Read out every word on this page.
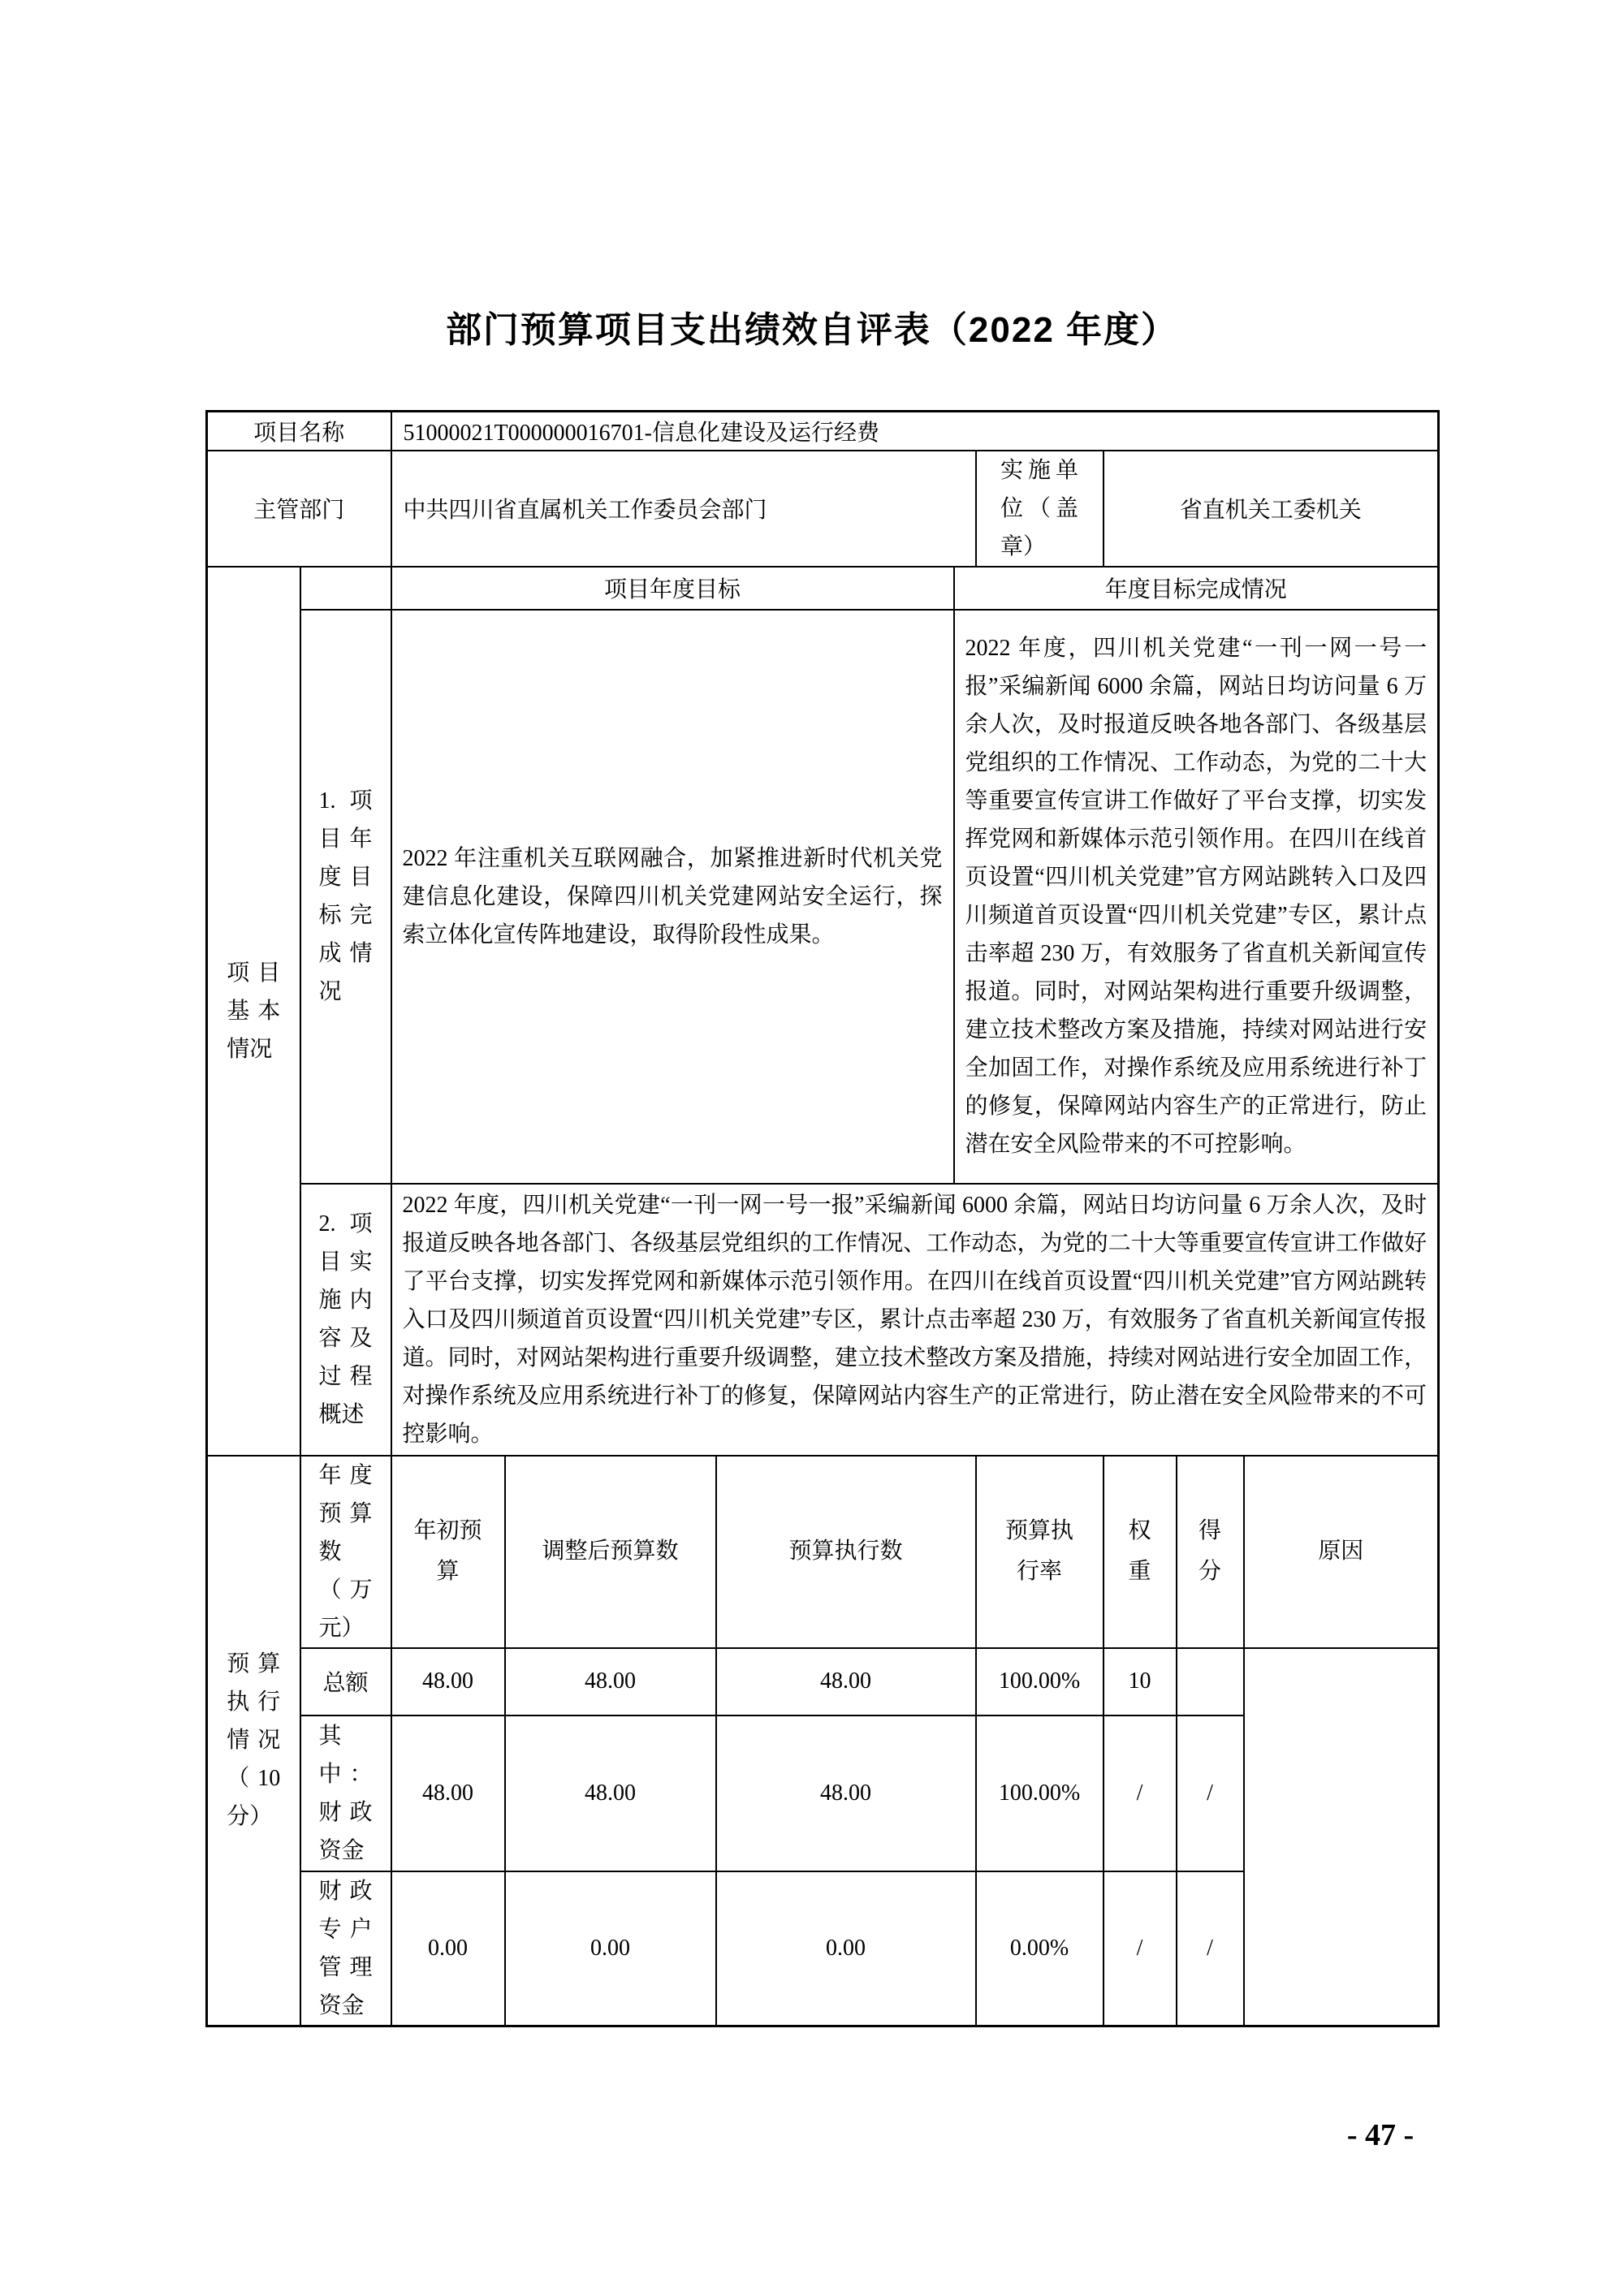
部门预算项目支出绩效自评表（2022 年度）
项目名称		51000021T000000016701-信息化建设及运行经费							
主管部门		中共四川省直属机关工作委员会部门				实施单位（盖章）	省直机关工委机关		

项目基本情况		项目年度目标			年度目标完成情况				

	1.项目年度目标完成情况	2022 年注重机关互联网融合，加紧推进新时代机关党建信息化建设，保障四川机关党建网站安全运行，探索立体化宣传阵地建设，取得阶段性成果。			2022 年度，四川机关党建“一刊一网一号一报”采编新闻 6000 余篇，网站日均访问量 6 万余人次，及时报道反映各地各部门、各级基层党组织的工作情况、工作动态，为党的二十大等重要宣传宣讲工作做好了平台支撑，切实发挥党网和新媒体示范引领作用。在四川在线首页设置“四川机关党建”官方网站跳转入口及四川频道首页设置“四川机关党建”专区，累计点击率超 230 万，有效服务了省直机关新闻宣传报道。同时，对网站架构进行重要升级调整，建立技术整改方案及措施，持续对网站进行安全加固工作，对操作系统及应用系统进行补丁的修复，保障网站内容生产的正常进行，防止潜在安全风险带来的不可控影响。				

	2.项目实施内容及过程概述	2022 年度，四川机关党建“一刊一网一号一报”采编新闻 6000 余篇，网站日均访问量 6 万余人次，及时报道反映各地各部门、各级基层党组织的工作情况、工作动态，为党的二十大等重要宣传宣讲工作做好了平台支撑，切实发挥党网和新媒体示范引领作用。在四川在线首页设置“四川机关党建”官方网站跳转入口及四川频道首页设置“四川机关党建”专区，累计点击率超 230 万，有效服务了省直机关新闻宣传报道。同时，对网站架构进行重要升级调整，建立技术整改方案及措施，持续对网站进行安全加固工作，对操作系统及应用系统进行补丁的修复，保障网站内容生产的正常进行，防止潜在安全风险带来的不可控影响。							

预算执行情况（10分）	年度预算数（万元）	年初预算	调整后预算数	预算执行数		预算执行率	权重	得分	原因
	总额	48.00	48.00	48.00		100.00%	10		

	其中：财政资金	48.00	48.00	48.00		100.00%	/	/	

	财政专户管理资金	0.00	0.00	0.00		0.00%	/	/	
- 47 -
